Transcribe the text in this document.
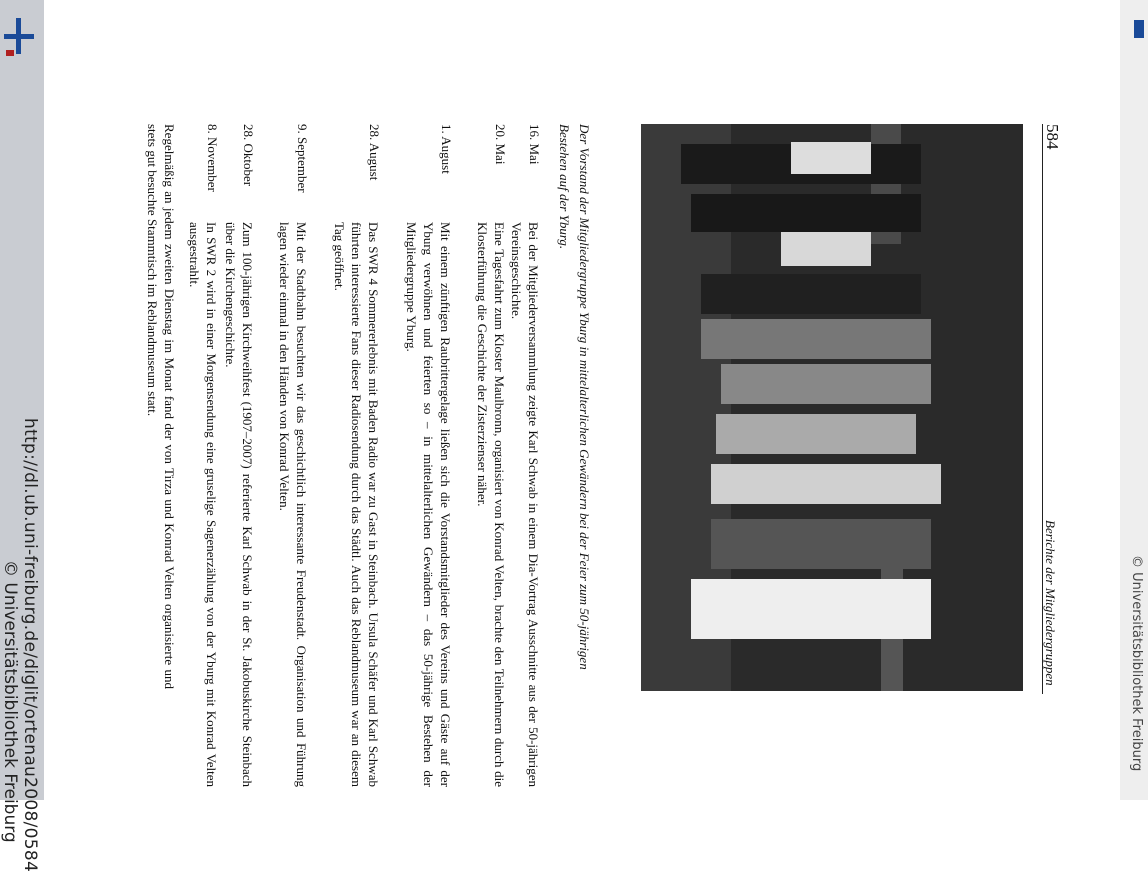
http://dl.ub.uni-freiburg.de/diglit/ortenau2008/0584
© Universitätsbibliothek Freiburg	© Universitätsbibliothek Freiburg
584
Berichte der Mitgliedergruppen
Der Vorstand der Mitgliedergruppe Yburg in mittelalterlichen Gewändern bei der Feier zum 50-jährigen Bestehen auf der Yburg.
16. Mai
Bei der Mitgliederversammlung zeigte Karl Schwab in einem Dia-Vortrag Ausschnitte aus der 50-jährigen Vereinsgeschichte.
20. Mai
Eine Tagesfahrt zum Kloster Maulbronn, organisiert von Konrad Velten, brachte den Teilnehmern durch die Klosterführung die Geschichte der Zisterzienser näher.
1. August
Mit einem zünftigen Raubrittergelage ließen sich die Vorstandsmitglieder des Vereins und Gäste auf der Yburg verwöhnen und feierten so – in mittelalterlichen Gewändern – das 50-jährige Bestehen der Mitgliedergruppe Yburg.
28. August
Das SWR 4 Sommererlebnis mit Baden Radio war zu Gast in Steinbach. Ursula Schäfer und Karl Schwab führten interessierte Fans dieser Radiosendung durch das Städtl. Auch das Reblandmuseum war an diesem Tag geöffnet.
9. September
Mit der Stadtbahn besuchten wir das geschichtlich interessante Freudenstadt. Organisation und Führung lagen wieder einmal in den Händen von Konrad Velten.
28. Oktober
Zum 100-jährigen Kirchweihfest (1907–2007) referierte Karl Schwab in der St. Jakobuskirche Steinbach über die Kirchengeschichte.
8. November
In SWR 2 wird in einer Morgensendung eine gruselige Sagenerzählung von der Yburg mit Konrad Velten ausgestrahlt.
Regelmäßig an jedem zweiten Dienstag im Monat fand der von Tirza und Konrad Velten organisierte und stets gut besuchte Stammtisch im Reblandmuseum statt.
